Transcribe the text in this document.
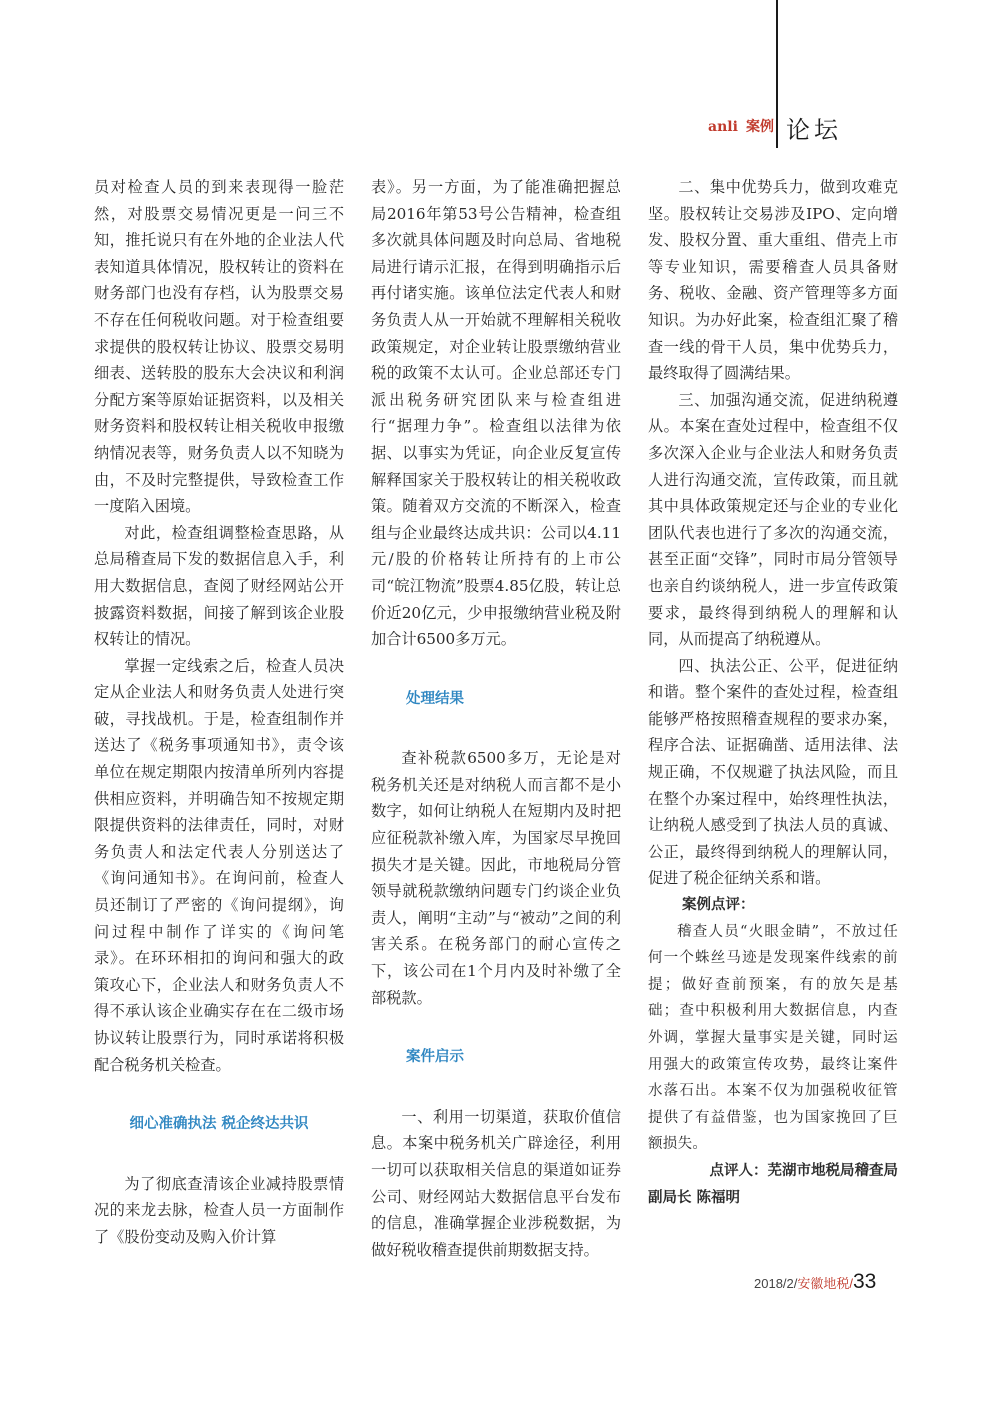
anli 案例 论坛

员对检查人员的到来表现得一脸茫然，对股票交易情况更是一问三不知，推托说只有在外地的企业法人代表知道具体情况，股权转让的资料在财务部门也没有存档，认为股票交易不存在任何税收问题。对于检查组要求提供的股权转让协议、股票交易明细表、送转股的股东大会决议和利润分配方案等原始证据资料，以及相关财务资料和股权转让相关税收申报缴纳情况表等，财务负责人以不知晓为由，不及时完整提供，导致检查工作一度陷入困境。

对此，检查组调整检查思路，从总局稽查局下发的数据信息入手，利用大数据信息，查阅了财经网站公开披露资料数据，间接了解到该企业股权转让的情况。

掌握一定线索之后，检查人员决定从企业法人和财务负责人处进行突破，寻找战机。于是，检查组制作并送达了《税务事项通知书》，责令该单位在规定期限内按清单所列内容提供相应资料，并明确告知不按规定期限提供资料的法律责任，同时，对财务负责人和法定代表人分别送达了《询问通知书》。在询问前，检查人员还制订了严密的《询问提纲》，询问过程中制作了详实的《询问笔录》。在环环相扣的询问和强大的政策攻心下，企业法人和财务负责人不得不承认该企业确实存在在二级市场协议转让股票行为，同时承诺将积极配合税务机关检查。

细心准确执法 税企终达共识

为了彻底查清该企业减持股票情况的来龙去脉，检查人员一方面制作了《股份变动及购入价计算

表》。另一方面，为了能准确把握总局2016年第53号公告精神，检查组多次就具体问题及时向总局、省地税局进行请示汇报，在得到明确指示后再付诸实施。该单位法定代表人和财务负责人从一开始就不理解相关税收政策规定，对企业转让股票缴纳营业税的政策不太认可。企业总部还专门派出税务研究团队来与检查组进行“据理力争”。检查组以法律为依据、以事实为凭证，向企业反复宣传解释国家关于股权转让的相关税收政策。随着双方交流的不断深入，检查组与企业最终达成共识：公司以4.11元/股的价格转让所持有的上市公司“皖江物流”股票4.85亿股，转让总价近20亿元，少申报缴纳营业税及附加合计6500多万元。

处理结果

查补税款6500多万，无论是对税务机关还是对纳税人而言都不是小数字，如何让纳税人在短期内及时把应征税款补缴入库，为国家尽早挽回损失才是关键。因此，市地税局分管领导就税款缴纳问题专门约谈企业负责人，阐明“主动”与“被动”之间的利害关系。在税务部门的耐心宣传之下，该公司在1个月内及时补缴了全部税款。

案件启示

一、利用一切渠道，获取价值信息。本案中税务机关广辟途径，利用一切可以获取相关信息的渠道如证券公司、财经网站大数据信息平台发布的信息，准确掌握企业涉税数据，为做好税收稽查提供前期数据支持。

二、集中优势兵力，做到攻难克坚。股权转让交易涉及IPO、定向增发、股权分置、重大重组、借壳上市等专业知识，需要稽查人员具备财务、税收、金融、资产管理等多方面知识。为办好此案，检查组汇聚了稽查一线的骨干人员，集中优势兵力，最终取得了圆满结果。

三、加强沟通交流，促进纳税遵从。本案在查处过程中，检查组不仅多次深入企业与企业法人和财务负责人进行沟通交流，宣传政策，而且就其中具体政策规定还与企业的专业化团队代表也进行了多次的沟通交流，甚至正面“交锋”，同时市局分管领导也亲自约谈纳税人，进一步宣传政策要求，最终得到纳税人的理解和认同，从而提高了纳税遵从。

四、执法公正、公平，促进征纳和谐。整个案件的查处过程，检查组能够严格按照稽查规程的要求办案，程序合法、证据确凿、适用法律、法规正确，不仅规避了执法风险，而且在整个办案过程中，始终理性执法，让纳税人感受到了执法人员的真诚、公正，最终得到纳税人的理解认同，促进了税企征纳关系和谐。

案例点评：

稽查人员“火眼金睛”，不放过任何一个蛛丝马迹是发现案件线索的前提；做好查前预案，有的放矢是基础；查中积极利用大数据信息，内查外调，掌握大量事实是关键，同时运用强大的政策宣传攻势，最终让案件水落石出。本案不仅为加强税收征管提供了有益借鉴，也为国家挽回了巨额损失。

点评人：芜湖市地税局稽查局

副局长 陈福明

2018/2/安徽地税/33
